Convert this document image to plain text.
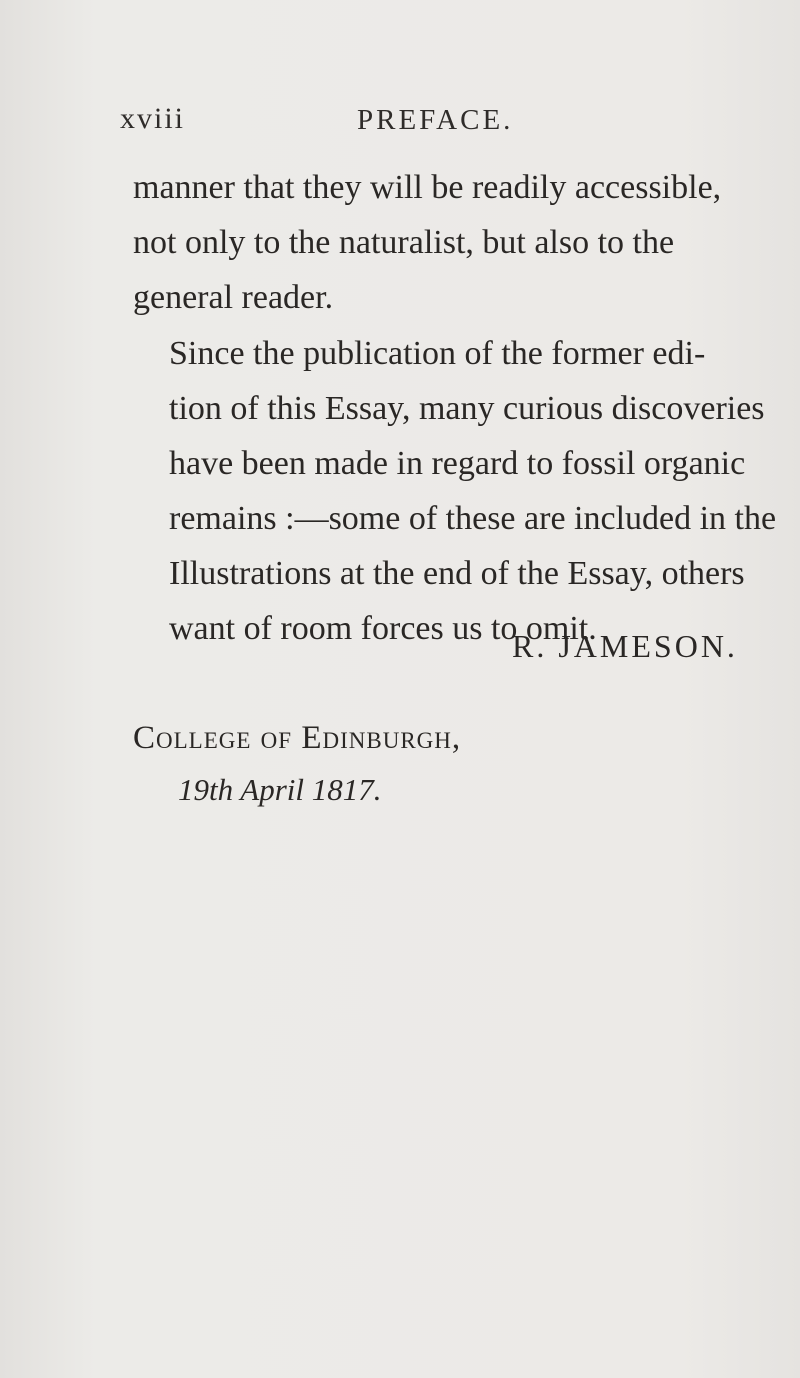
xviii	PREFACE.
manner that they will be readily accessible,
not only to the naturalist, but also to the
general reader.
Since the publication of the former edi-
tion of this Essay, many curious discoveries
have been made in regard to fossil organic
remains :—some of these are included in the
Illustrations at the end of the Essay, others
want of room forces us to omit.
R. JAMESON.
College of Edinburgh,
19th April 1817.
